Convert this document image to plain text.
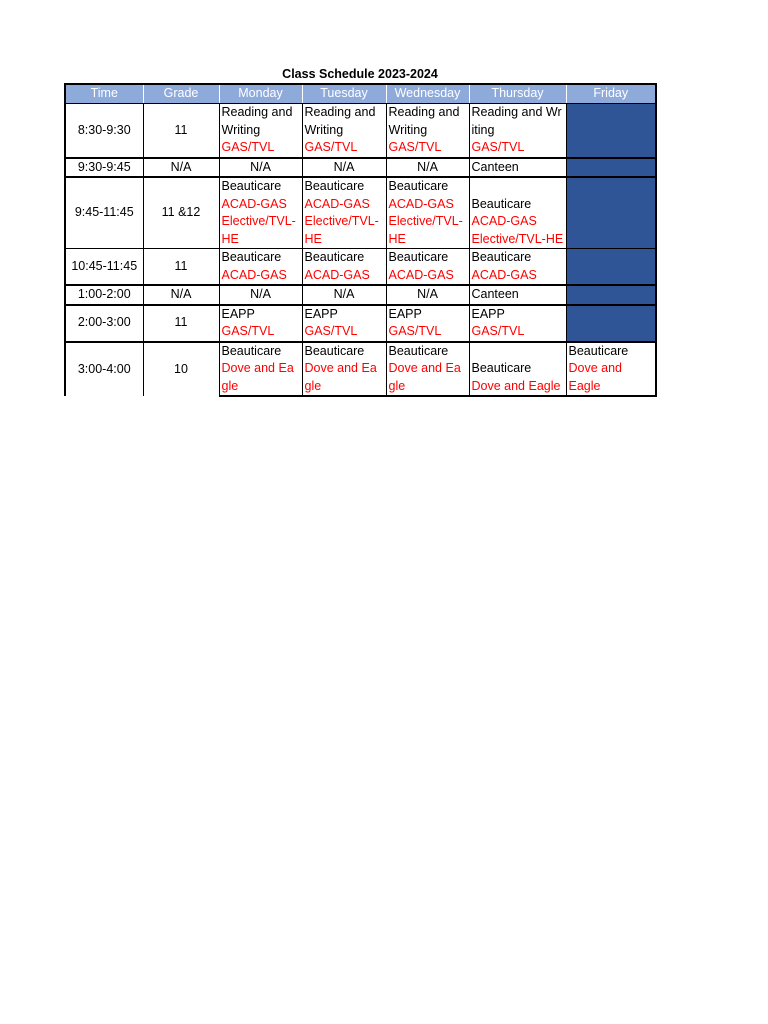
Class Schedule 2023-2024
Time	Grade	Monday	Tuesday	Wednesday	Thursday	Friday
8:30-9:30	11	Reading and Writing
GAS/TVL	Reading and Writing
GAS/TVL	Reading and Writing
GAS/TVL	Reading and Writing
GAS/TVL	

9:30-9:45	N/A	N/A	N/A	N/A	Canteen	
9:45-11:45	11 &12	Beauticare
ACAD-GAS
Elective/TVL-HE	Beauticare
ACAD-GAS
Elective/TVL-HE	Beauticare
ACAD-GAS
Elective/TVL-HE	Beauticare
ACAD-GAS
Elective/TVL-HE	

10:45-11:45	11	Beauticare
ACAD-GAS	Beauticare
ACAD-GAS	Beauticare
ACAD-GAS	Beauticare
ACAD-GAS	

1:00-2:00	N/A	N/A	N/A	N/A	Canteen	
2:00-3:00	11	EAPP
GAS/TVL	EAPP
GAS/TVL	EAPP
GAS/TVL	EAPP
GAS/TVL	

3:00-4:00	10	Beauticare
Dove and Eagle	Beauticare
Dove and Eagle	Beauticare
Dove and Eagle	Beauticare
Dove and Eagle	Beauticare
Dove and Eagle
